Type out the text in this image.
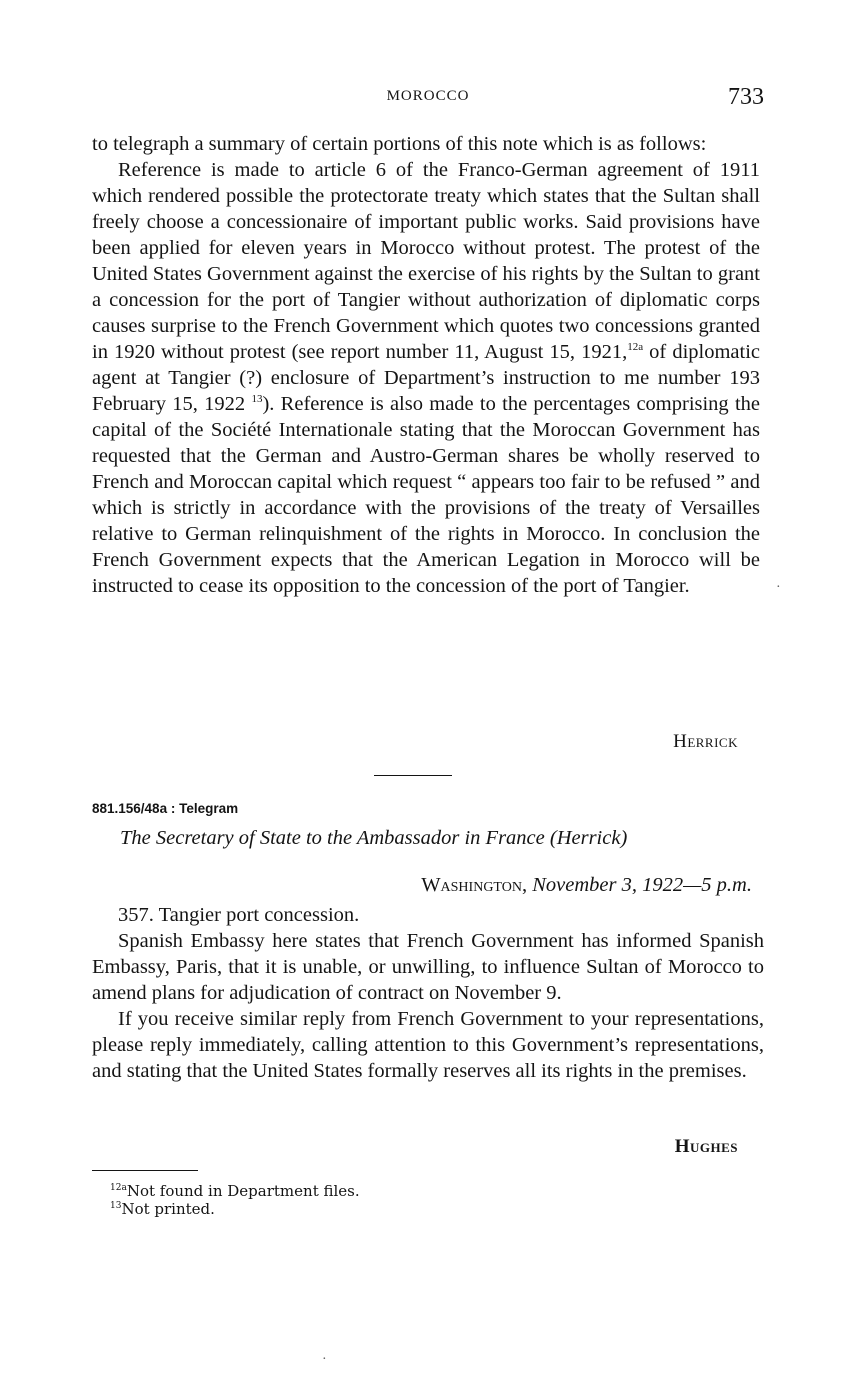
MOROCCO	733

to telegraph a summary of certain portions of this note which is as follows:

Reference is made to article 6 of the Franco-German agreement of 1911 which rendered possible the protectorate treaty which states that the Sultan shall freely choose a concessionaire of important public works. Said provisions have been applied for eleven years in Morocco without protest. The protest of the United States Government against the exercise of his rights by the Sultan to grant a concession for the port of Tangier without authorization of diplomatic corps causes surprise to the French Government which quotes two concessions granted in 1920 without protest (see report number 11, August 15, 1921,$^{12a}$ of diplomatic agent at Tangier (?) enclosure of Department’s instruction to me number 193 February 15, 1922 $^{13}$). Reference is also made to the percentages comprising the capital of the Société Internationale stating that the Moroccan Government has requested that the German and Austro-German shares be wholly reserved to French and Moroccan capital which request “ appears too fair to be refused ” and which is strictly in accordance with the provisions of the treaty of Versailles relative to German relinquishment of the rights in Morocco. In conclusion the French Government expects that the American Legation in Morocco will be instructed to cease its opposition to the concession of the port of Tangier.

Herrick
881.156/48a : Telegram
The Secretary of State to the Ambassador in France (Herrick)
Washington, November 3, 1922—5 p.m.

357. Tangier port concession.

Spanish Embassy here states that French Government has informed Spanish Embassy, Paris, that it is unable, or unwilling, to influence Sultan of Morocco to amend plans for adjudication of contract on November 9.

If you receive similar reply from French Government to your representations, please reply immediately, calling attention to this Government’s representations, and stating that the United States formally reserves all its rights in the premises.

Hughes
$^{12a}$Not found in Department files.
$^{13}$Not printed.
·
·
